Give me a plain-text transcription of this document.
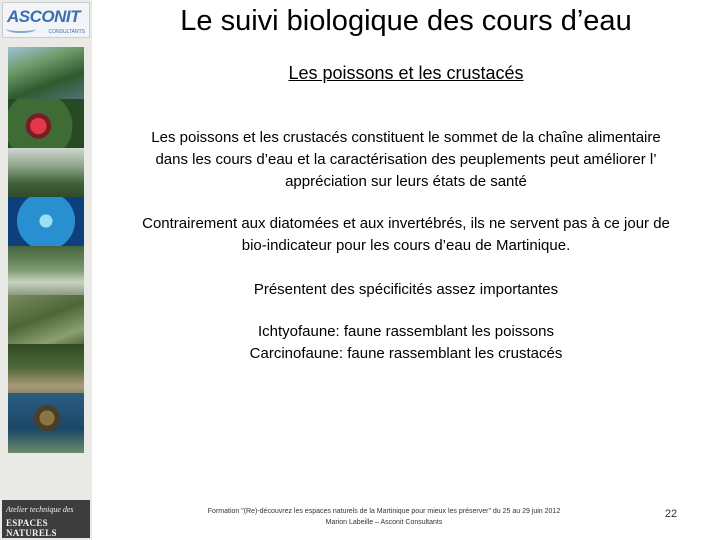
ASCONIT
CONSULTANTS
Atelier technique des
ESPACES NATURELS
Le suivi biologique des cours d’eau
Les poissons et les crustacés
Les poissons et les crustacés constituent le sommet de la chaîne alimentaire
dans les cours d’eau et la caractérisation des peuplements peut améliorer l’
appréciation sur leurs états de santé
Contrairement aux diatomées et aux invertébrés, ils ne servent pas à ce jour de
bio-indicateur pour les cours d’eau de Martinique.
Présentent des spécificités assez importantes
Ichtyofaune: faune rassemblant les poissons
Carcinofaune: faune rassemblant les crustacés
Formation "(Re)-découvrez les espaces naturels de la Martinique pour mieux les préserver" du 25 au 29 juin 2012
Marion Labeille – Asconit Consultants
22
